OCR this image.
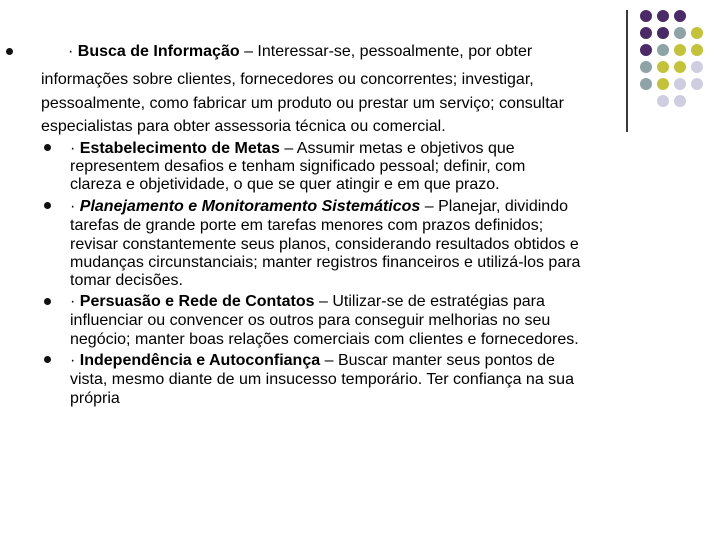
· Busca de Informação – Interessar-se, pessoalmente, por obter
informações sobre clientes, fornecedores ou concorrentes; investigar,
pessoalmente, como fabricar um produto ou prestar um serviço; consultar
especialistas para obter assessoria técnica ou comercial.
· Estabelecimento de Metas – Assumir metas e objetivos que
representem desafios e tenham significado pessoal; definir, com
clareza e objetividade, o que se quer atingir e em que prazo.
· Planejamento e Monitoramento Sistemáticos – Planejar, dividindo
tarefas de grande porte em tarefas menores com prazos definidos;
revisar constantemente seus planos, considerando resultados obtidos e
mudanças circunstanciais; manter registros financeiros e utilizá-los para
tomar decisões.
· Persuasão e Rede de Contatos – Utilizar-se de estratégias para
influenciar ou convencer os outros para conseguir melhorias no seu
negócio; manter boas relações comerciais com clientes e fornecedores.
· Independência e Autoconfiança – Buscar manter seus pontos de
vista, mesmo diante de um insucesso temporário. Ter confiança na sua
própria
